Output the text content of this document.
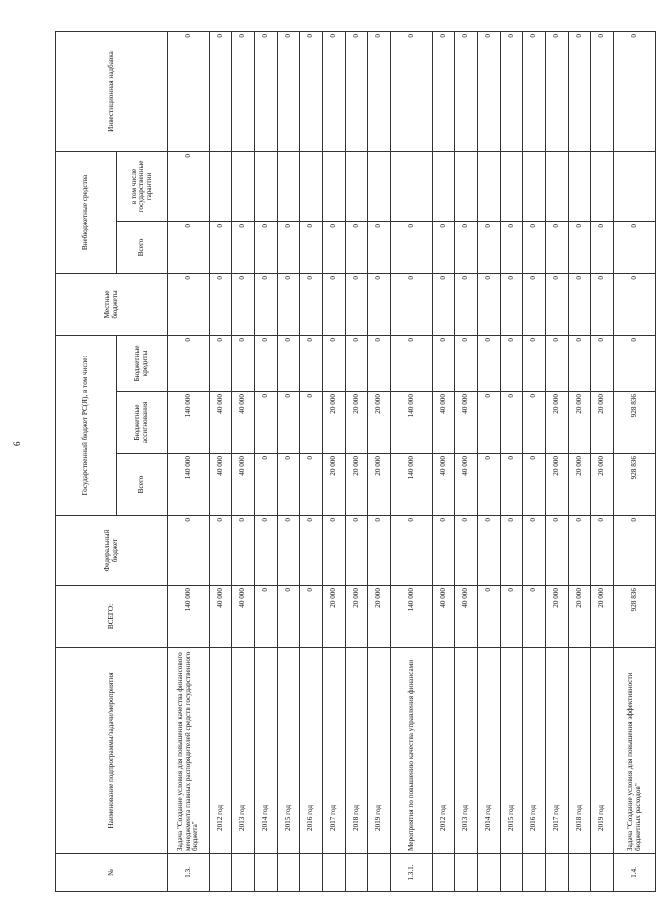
6
№	Наименование подпрограммы/задачи/мероприятия	ВСЕГО:	Федеральный бюджет	Государственный бюджет РС(Я), в том числе:			Местные бюджеты	Внебюджетные средства		Инвестиционная надбавка
				Всего	Бюджетные ассигнования	Бюджетные кредиты		Всего	в том числе государственные гарантии	

1.3.	Задача "Создание условия для повышения качества финансового менеджмента главных распорядителей средств государственного бюджета"	140 000	0	140 000	140 000	0	0	0	0	0
	2012 год	40 000	0	40 000	40 000	0	0	0		0
	2013 год	40 000	0	40 000	40 000	0	0	0		0
	2014 год	0	0	0	0	0	0	0		0
	2015 год	0	0	0	0	0	0	0		0
	2016 год	0	0	0	0	0	0	0		0
	2017 год	20 000	0	20 000	20 000	0	0	0		0
	2018 год	20 000	0	20 000	20 000	0	0	0		0
	2019 год	20 000	0	20 000	20 000	0	0	0		0
1.3.1.	Мероприятия по повышению качества управления финансами	140 000	0	140 000	140 000	0	0	0		0
	2012 год	40 000	0	40 000	40 000	0	0	0		0
	2013 год	40 000	0	40 000	40 000	0	0	0		0
	2014 год	0	0	0	0	0	0	0		0
	2015 год	0	0	0	0	0	0	0		0
	2016 год	0	0	0	0	0	0	0		0
	2017 год	20 000	0	20 000	20 000	0	0	0		0
	2018 год	20 000	0	20 000	20 000	0	0	0		0
	2019 год	20 000	0	20 000	20 000	0	0	0		0
1.4.	Задача "Создание условия для повышения эффективности бюджетных расходов"	928 836	0	928 836	928 836	0	0	0		0
